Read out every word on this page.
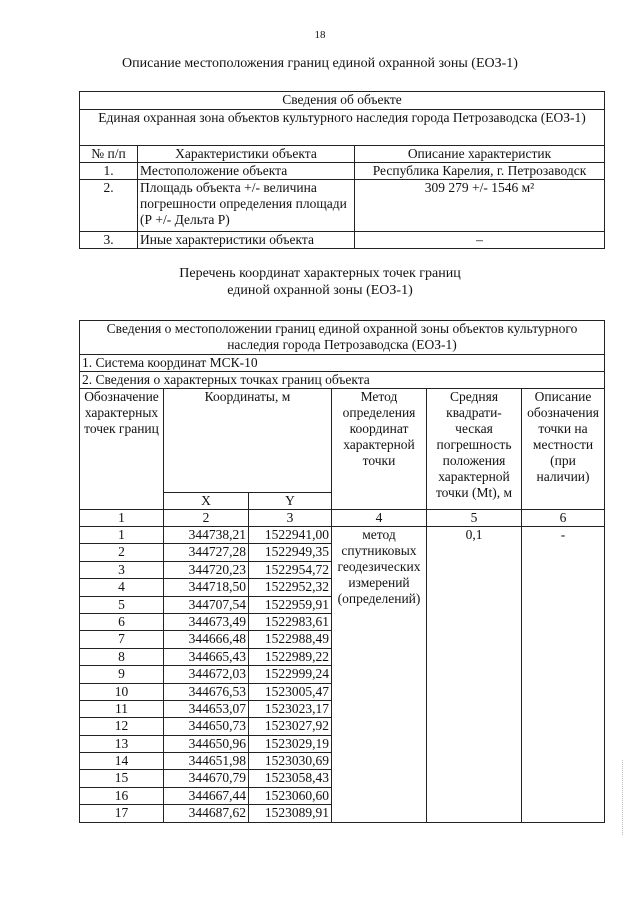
18
Описание местоположения границ единой охранной зоны (ЕОЗ-1)
Сведения об объекте		
Единая охранная зона объектов культурного наследия города Петрозаводска (ЕОЗ-1)		
№ п/п	Характеристики объекта	Описание характеристик
1.	Местоположение объекта	Республика Карелия, г. Петрозаводск
2.	Площадь объекта +/- величина погрешности определения площади (Р +/- Дельта Р)	309 279 +/- 1546 м²
3.	Иные характеристики объекта	–
Перечень координат характерных точек границ
единой охранной зоны (ЕОЗ-1)
Сведения о местоположении границ единой охранной зоны объектов культурного наследия города Петрозаводска (ЕОЗ-1)					
1. Система координат МСК-10					
2. Сведения о характерных точках границ объекта					
Обозначение характерных точек границ	Координаты, м		Метод определения координат характерной точки	Средняя квадрати- ческая погрешность положения характерной точки (Mt), м	Описание обозначения точки на местности (при наличии)
	X	Y			
1	2	3	4	5	6
1	344738,21	1522941,00	метод спутниковых геодезических измерений (определений)	0,1	-
2	344727,28	1522949,35			
3	344720,23	1522954,72			
4	344718,50	1522952,32			
5	344707,54	1522959,91			
6	344673,49	1522983,61			
7	344666,48	1522988,49			
8	344665,43	1522989,22			
9	344672,03	1522999,24			
10	344676,53	1523005,47			
11	344653,07	1523023,17			
12	344650,73	1523027,92			
13	344650,96	1523029,19			
14	344651,98	1523030,69			
15	344670,79	1523058,43			
16	344667,44	1523060,60			
17	344687,62	1523089,91			
